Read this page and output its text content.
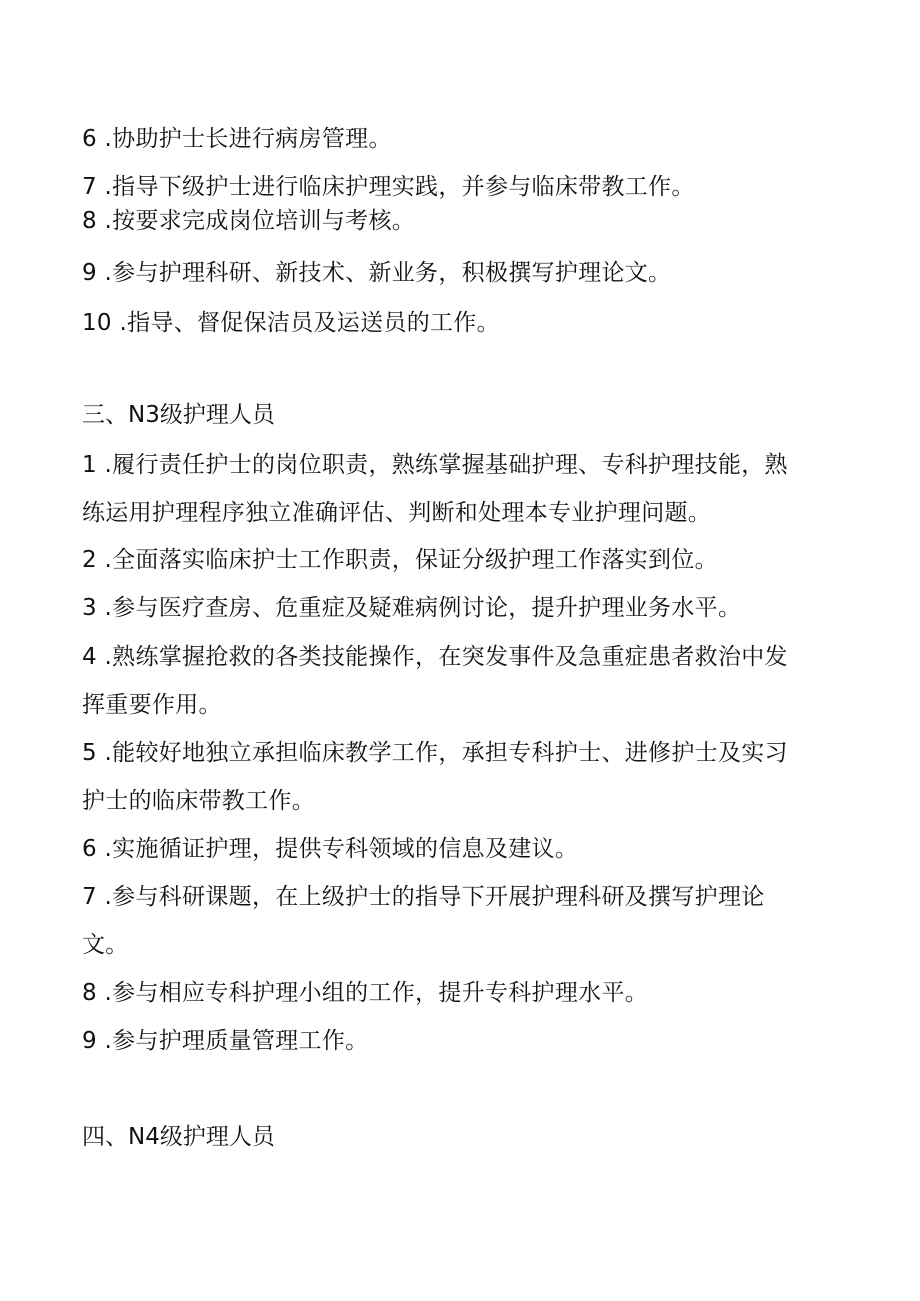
6 .协助护士长进行病房管理。
7 .指导下级护士进行临床护理实践，并参与临床带教工作。
8 .按要求完成岗位培训与考核。
9 .参与护理科研、新技术、新业务，积极撰写护理论文。
10 .指导、督促保洁员及运送员的工作。
三、N3级护理人员
1 .履行责任护士的岗位职责，熟练掌握基础护理、专科护理技能，熟
练运用护理程序独立准确评估、判断和处理本专业护理问题。
2 .全面落实临床护士工作职责，保证分级护理工作落实到位。
3 .参与医疗查房、危重症及疑难病例讨论，提升护理业务水平。
4 .熟练掌握抢救的各类技能操作，在突发事件及急重症患者救治中发
挥重要作用。
5 .能较好地独立承担临床教学工作，承担专科护士、进修护士及实习
护士的临床带教工作。
6 .实施循证护理，提供专科领域的信息及建议。
7 .参与科研课题，在上级护士的指导下开展护理科研及撰写护理论
文。
8 .参与相应专科护理小组的工作，提升专科护理水平。
9 .参与护理质量管理工作。
四、N4级护理人员
